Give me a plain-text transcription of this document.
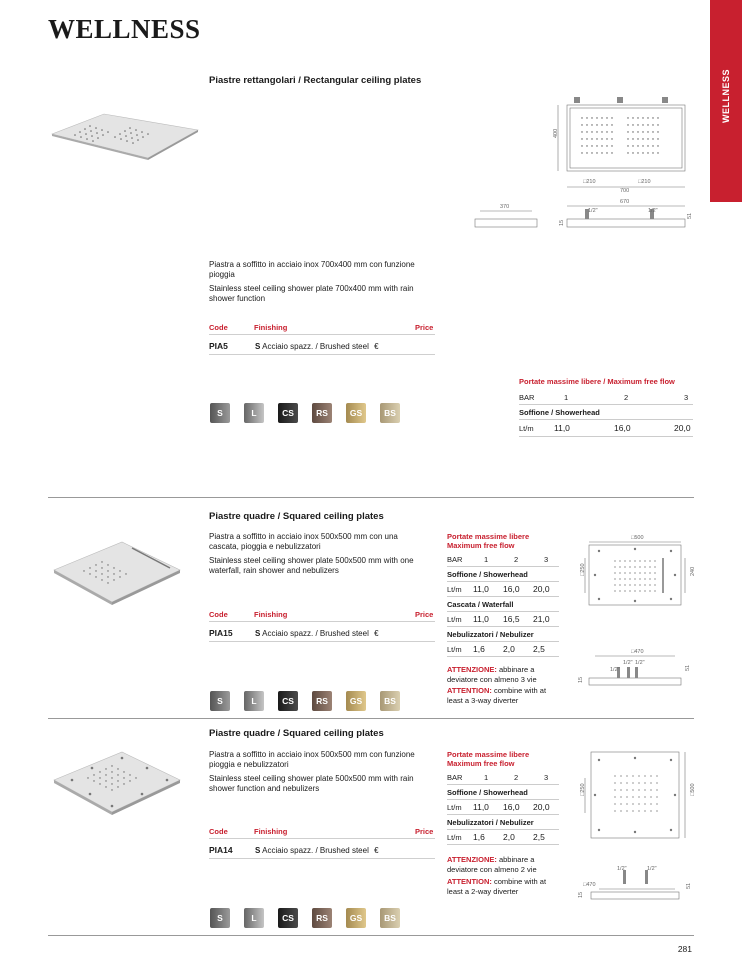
WELLNESS
WELLNESS
Piastre rettangolari / Rectangular ceiling plates
400
700
□210	□210
670
1/2"	1/2"
51
370
15
Piastra a soffitto in acciaio inox 700x400 mm con funzione pioggia
Stainless steel ceiling shower plate 700x400 mm with rain shower function
Code	Finishing	Price
PIA5	S Acciaio spazz. / Brushed steel €
Portate massime libere / Maximum free flow
BAR	1	2	3
Soffione / Showerhead
Lt/m	11,0	16,0	20,0
S	L	CS	RS	GS	BS
Piastre quadre / Squared ceiling plates
Piastra a soffitto in acciaio inox 500x500 mm con una cascata, pioggia e nebulizzatori
Stainless steel ceiling shower plate 500x500 mm with one waterfall, rain shower and nebulizers
Code	Finishing	Price
PIA15	S Acciaio spazz. / Brushed steel €
Portate massime libere
Maximum free flow
BAR	1	2	3
Soffione / Showerhead
Lt/m	11,0	16,0	20,0
Cascata / Waterfall
Lt/m	11,0	16,5	21,0
Nebulizzatori / Nebulizer
Lt/m	1,6	2,0	2,5
ATTENZIONE: abbinare a deviatore con almeno 3 vie
ATTENTION: combine with at least a 3-way diverter
□500
□250	240
□470
1/2"
1/2" 1/2"
15
51
S	L	CS	RS	GS	BS
Piastre quadre / Squared ceiling plates
Piastra a soffitto in acciaio inox 500x500 mm con funzione pioggia e nebulizzatori
Stainless steel ceiling shower plate 500x500 mm with rain shower function and nebulizers
Code	Finishing	Price
PIA14	S Acciaio spazz. / Brushed steel €
Portate massime libere
Maximum free flow
BAR	1	2	3
Soffione / Showerhead
Lt/m	11,0	16,0	20,0
Nebulizzatori / Nebulizer
Lt/m	1,6	2,0	2,5
ATTENZIONE: abbinare a deviatore con almeno 2 vie
ATTENTION: combine with at least a 2-way diverter
□250	□500
1/2"	1/2"
□470
15
51
S	L	CS	RS	GS	BS
281
